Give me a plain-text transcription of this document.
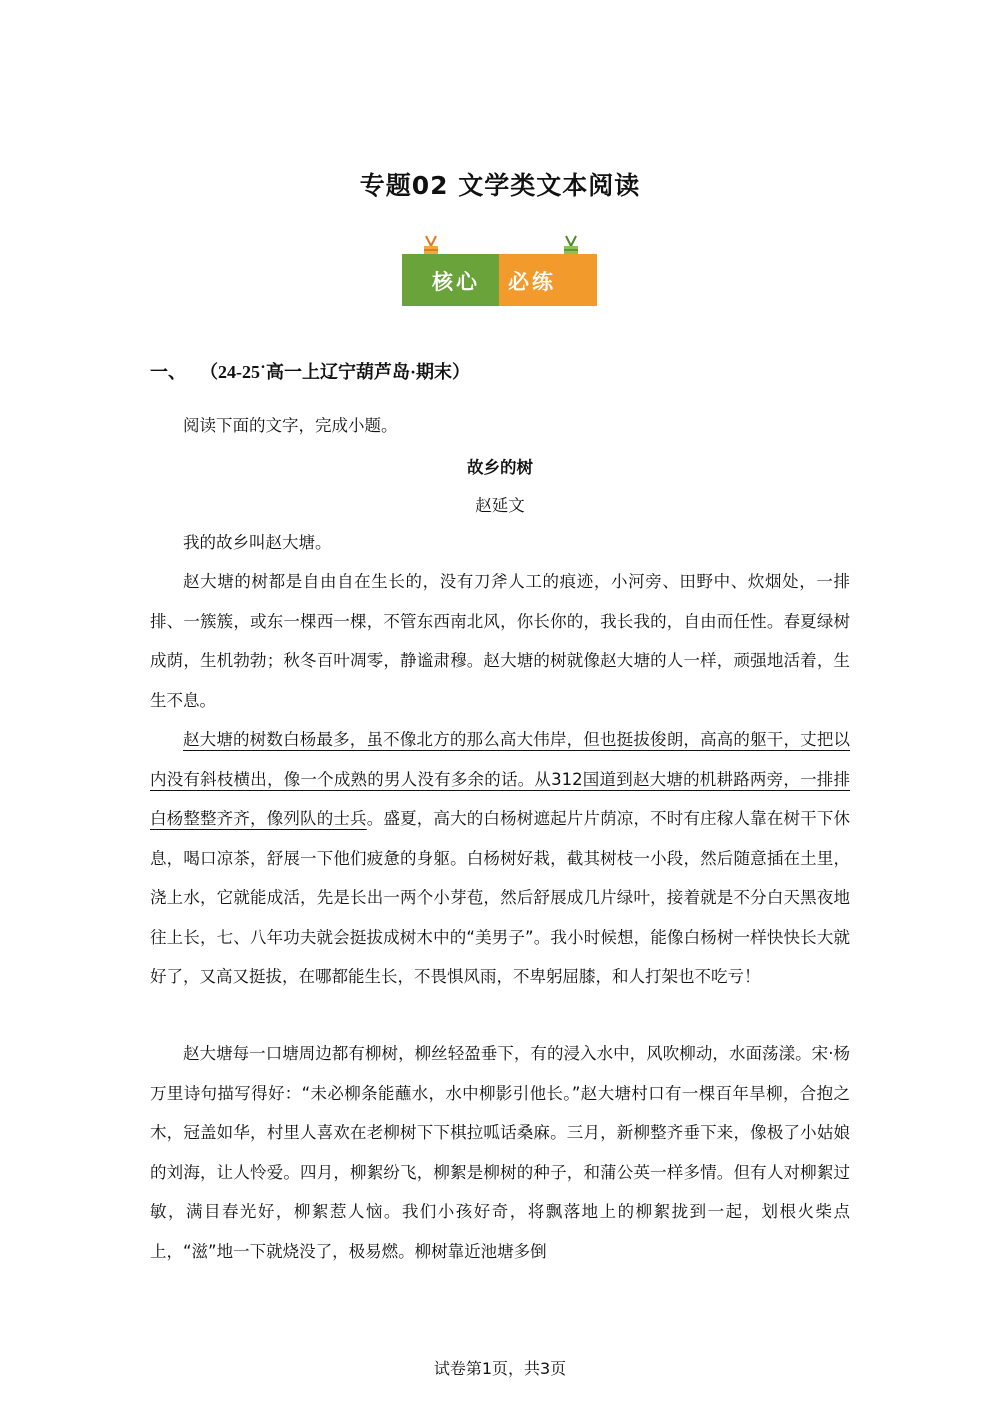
专题02 文学类文本阅读
核心 必练
一、 （24-25˙高一上辽宁葫芦岛·期末）
阅读下面的文字，完成小题。
故乡的树
赵延文
我的故乡叫赵大塘。
赵大塘的树都是自由自在生长的，没有刀斧人工的痕迹，小河旁、田野中、炊烟处，一排排、一簇簇，或东一棵西一棵，不管东西南北风，你长你的，我长我的，自由而任性。春夏绿树成荫，生机勃勃；秋冬百叶凋零，静谧肃穆。赵大塘的树就像赵大塘的人一样，顽强地活着，生生不息。
赵大塘的树数白杨最多，虽不像北方的那么高大伟岸，但也挺拔俊朗，高高的躯干，丈把以内没有斜枝横出，像一个成熟的男人没有多余的话。从312国道到赵大塘的机耕路两旁，一排排白杨整整齐齐，像列队的士兵。盛夏，高大的白杨树遮起片片荫凉，不时有庄稼人靠在树干下休息，喝口凉茶，舒展一下他们疲惫的身躯。白杨树好栽，截其树枝一小段，然后随意插在土里，浇上水，它就能成活，先是长出一两个小芽苞，然后舒展成几片绿叶，接着就是不分白天黑夜地往上长，七、八年功夫就会挺拔成树木中的“美男子”。我小时候想，能像白杨树一样快快长大就好了，又高又挺拔，在哪都能生长，不畏惧风雨，不卑躬屈膝，和人打架也不吃亏！
赵大塘每一口塘周边都有柳树，柳丝轻盈垂下，有的浸入水中，风吹柳动，水面荡漾。宋·杨万里诗句描写得好：“未必柳条能蘸水，水中柳影引他长。”赵大塘村口有一棵百年旱柳，合抱之木，冠盖如华，村里人喜欢在老柳树下下棋拉呱话桑麻。三月，新柳整齐垂下来，像极了小姑娘的刘海，让人怜爱。四月，柳絮纷飞，柳絮是柳树的种子，和蒲公英一样多情。但有人对柳絮过敏，满目春光好，柳絮惹人恼。我们小孩好奇，将飘落地上的柳絮拢到一起，划根火柴点上，“滋”地一下就烧没了，极易燃。柳树靠近池塘多倒
试卷第1页，共3页
